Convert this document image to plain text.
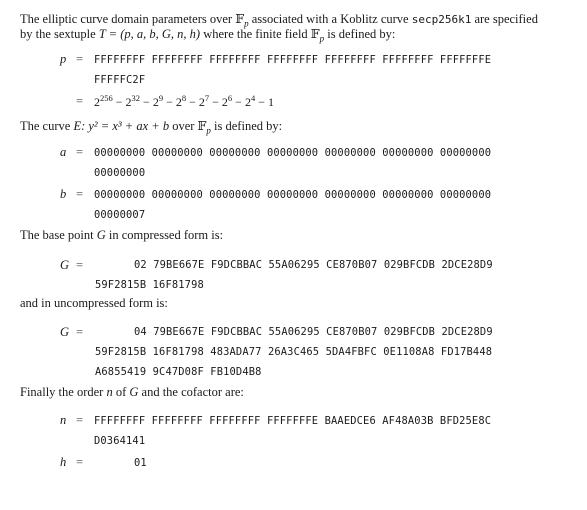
The elliptic curve domain parameters over 𝔽$_p$ associated with a Koblitz curve secp256k1 are specified
by the sextuple T = (p, a, b, G, n, h) where the finite field 𝔽$_p$ is defined by:
p = FFFFFFFF FFFFFFFF FFFFFFFF FFFFFFFF FFFFFFFF FFFFFFFF FFFFFFFE
FFFFFC2F
= $2^{256} - 2^{32} - 2^9 - 2^8 - 2^7 - 2^6 - 2^4 - 1$
The curve E: y² = x³ + ax + b over 𝔽$_p$ is defined by:
a = 00000000 00000000 00000000 00000000 00000000 00000000 00000000
00000000
b = 00000000 00000000 00000000 00000000 00000000 00000000 00000000
00000007
The base point G in compressed form is:
G =	02 79BE667E F9DCBBAC 55A06295 CE870B07 029BFCDB 2DCE28D9
59F2815B 16F81798
and in uncompressed form is:
G =	04 79BE667E F9DCBBAC 55A06295 CE870B07 029BFCDB 2DCE28D9
59F2815B 16F81798 483ADA77 26A3C465 5DA4FBFC 0E1108A8 FD17B448
A6855419 9C47D08F FB10D4B8
Finally the order n of G and the cofactor are:
n = FFFFFFFF FFFFFFFF FFFFFFFF FFFFFFFE BAAEDCE6 AF48A03B BFD25E8C
D0364141
h =	01
